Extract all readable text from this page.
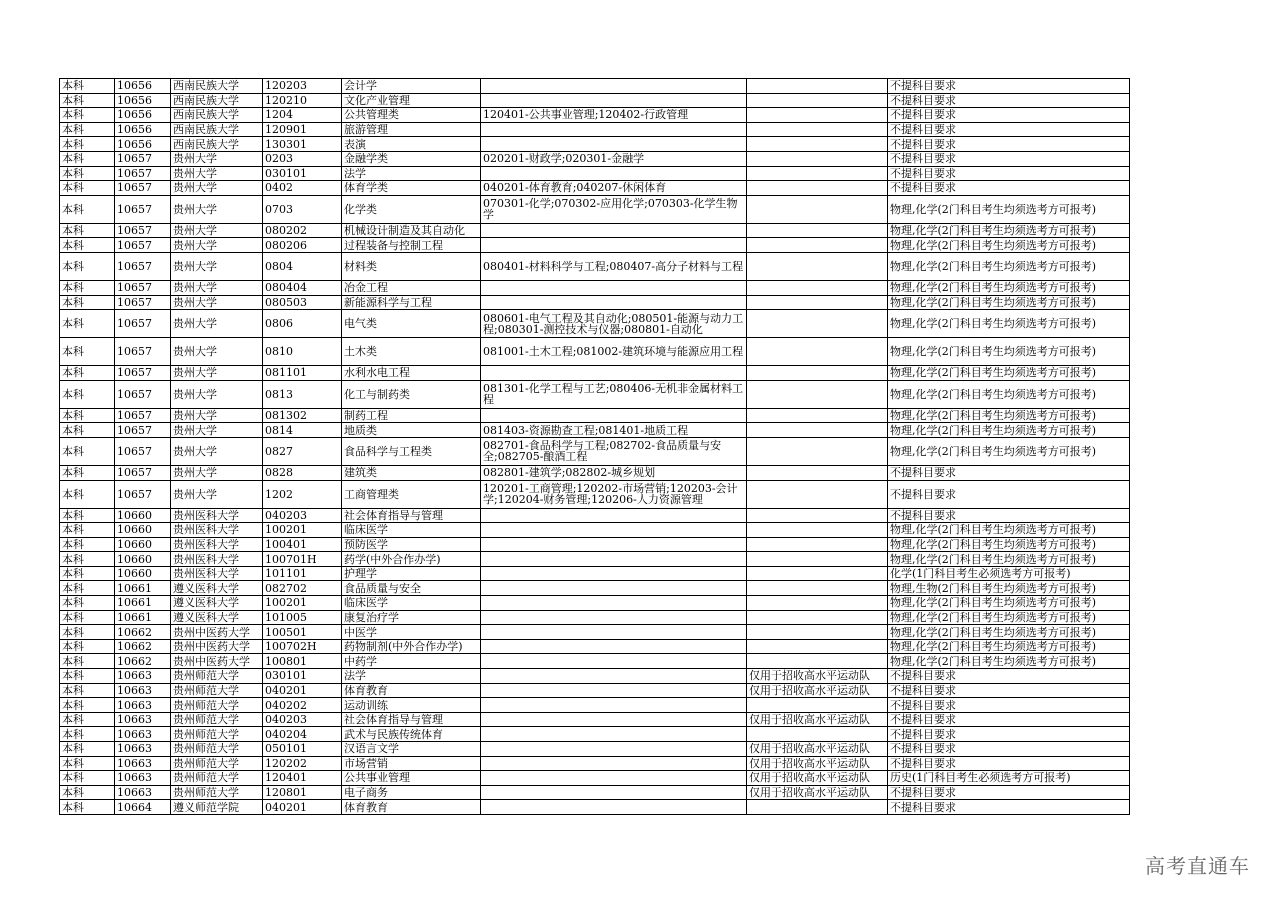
本科	10656	西南民族大学	120203	会计学			不提科目要求
本科	10656	西南民族大学	120210	文化产业管理			不提科目要求
本科	10656	西南民族大学	1204	公共管理类	120401-公共事业管理;120402-行政管理		不提科目要求
本科	10656	西南民族大学	120901	旅游管理			不提科目要求
本科	10656	西南民族大学	130301	表演			不提科目要求
本科	10657	贵州大学	0203	金融学类	020201-财政学;020301-金融学		不提科目要求
本科	10657	贵州大学	030101	法学			不提科目要求
本科	10657	贵州大学	0402	体育学类	040201-体育教育;040207-休闲体育		不提科目要求
本科	10657	贵州大学	0703	化学类	070301-化学;070302-应用化学;070303-化学生物学		物理,化学(2门科目考生均须选考方可报考)
本科	10657	贵州大学	080202	机械设计制造及其自动化			物理,化学(2门科目考生均须选考方可报考)
本科	10657	贵州大学	080206	过程装备与控制工程			物理,化学(2门科目考生均须选考方可报考)
本科	10657	贵州大学	0804	材料类	080401-材料科学与工程;080407-高分子材料与工程		物理,化学(2门科目考生均须选考方可报考)
本科	10657	贵州大学	080404	冶金工程			物理,化学(2门科目考生均须选考方可报考)
本科	10657	贵州大学	080503	新能源科学与工程			物理,化学(2门科目考生均须选考方可报考)
本科	10657	贵州大学	0806	电气类	080601-电气工程及其自动化;080501-能源与动力工程;080301-测控技术与仪器;080801-自动化		物理,化学(2门科目考生均须选考方可报考)
本科	10657	贵州大学	0810	土木类	081001-土木工程;081002-建筑环境与能源应用工程		物理,化学(2门科目考生均须选考方可报考)
本科	10657	贵州大学	081101	水利水电工程			物理,化学(2门科目考生均须选考方可报考)
本科	10657	贵州大学	0813	化工与制药类	081301-化学工程与工艺;080406-无机非金属材料工程		物理,化学(2门科目考生均须选考方可报考)
本科	10657	贵州大学	081302	制药工程			物理,化学(2门科目考生均须选考方可报考)
本科	10657	贵州大学	0814	地质类	081403-资源勘查工程;081401-地质工程		物理,化学(2门科目考生均须选考方可报考)
本科	10657	贵州大学	0827	食品科学与工程类	082701-食品科学与工程;082702-食品质量与安全;082705-酿酒工程		物理,化学(2门科目考生均须选考方可报考)
本科	10657	贵州大学	0828	建筑类	082801-建筑学;082802-城乡规划		不提科目要求
本科	10657	贵州大学	1202	工商管理类	120201-工商管理;120202-市场营销;120203-会计学;120204-财务管理;120206-人力资源管理		不提科目要求
本科	10660	贵州医科大学	040203	社会体育指导与管理			不提科目要求
本科	10660	贵州医科大学	100201	临床医学			物理,化学(2门科目考生均须选考方可报考)
本科	10660	贵州医科大学	100401	预防医学			物理,化学(2门科目考生均须选考方可报考)
本科	10660	贵州医科大学	100701H	药学(中外合作办学)			物理,化学(2门科目考生均须选考方可报考)
本科	10660	贵州医科大学	101101	护理学			化学(1门科目考生必须选考方可报考)
本科	10661	遵义医科大学	082702	食品质量与安全			物理,生物(2门科目考生均须选考方可报考)
本科	10661	遵义医科大学	100201	临床医学			物理,化学(2门科目考生均须选考方可报考)
本科	10661	遵义医科大学	101005	康复治疗学			物理,化学(2门科目考生均须选考方可报考)
本科	10662	贵州中医药大学	100501	中医学			物理,化学(2门科目考生均须选考方可报考)
本科	10662	贵州中医药大学	100702H	药物制剂(中外合作办学)			物理,化学(2门科目考生均须选考方可报考)
本科	10662	贵州中医药大学	100801	中药学			物理,化学(2门科目考生均须选考方可报考)
本科	10663	贵州师范大学	030101	法学		仅用于招收高水平运动队	不提科目要求
本科	10663	贵州师范大学	040201	体育教育		仅用于招收高水平运动队	不提科目要求
本科	10663	贵州师范大学	040202	运动训练			不提科目要求
本科	10663	贵州师范大学	040203	社会体育指导与管理		仅用于招收高水平运动队	不提科目要求
本科	10663	贵州师范大学	040204	武术与民族传统体育			不提科目要求
本科	10663	贵州师范大学	050101	汉语言文学		仅用于招收高水平运动队	不提科目要求
本科	10663	贵州师范大学	120202	市场营销		仅用于招收高水平运动队	不提科目要求
本科	10663	贵州师范大学	120401	公共事业管理		仅用于招收高水平运动队	历史(1门科目考生必须选考方可报考)
本科	10663	贵州师范大学	120801	电子商务		仅用于招收高水平运动队	不提科目要求
本科	10664	遵义师范学院	040201	体育教育			不提科目要求
高考直通车
